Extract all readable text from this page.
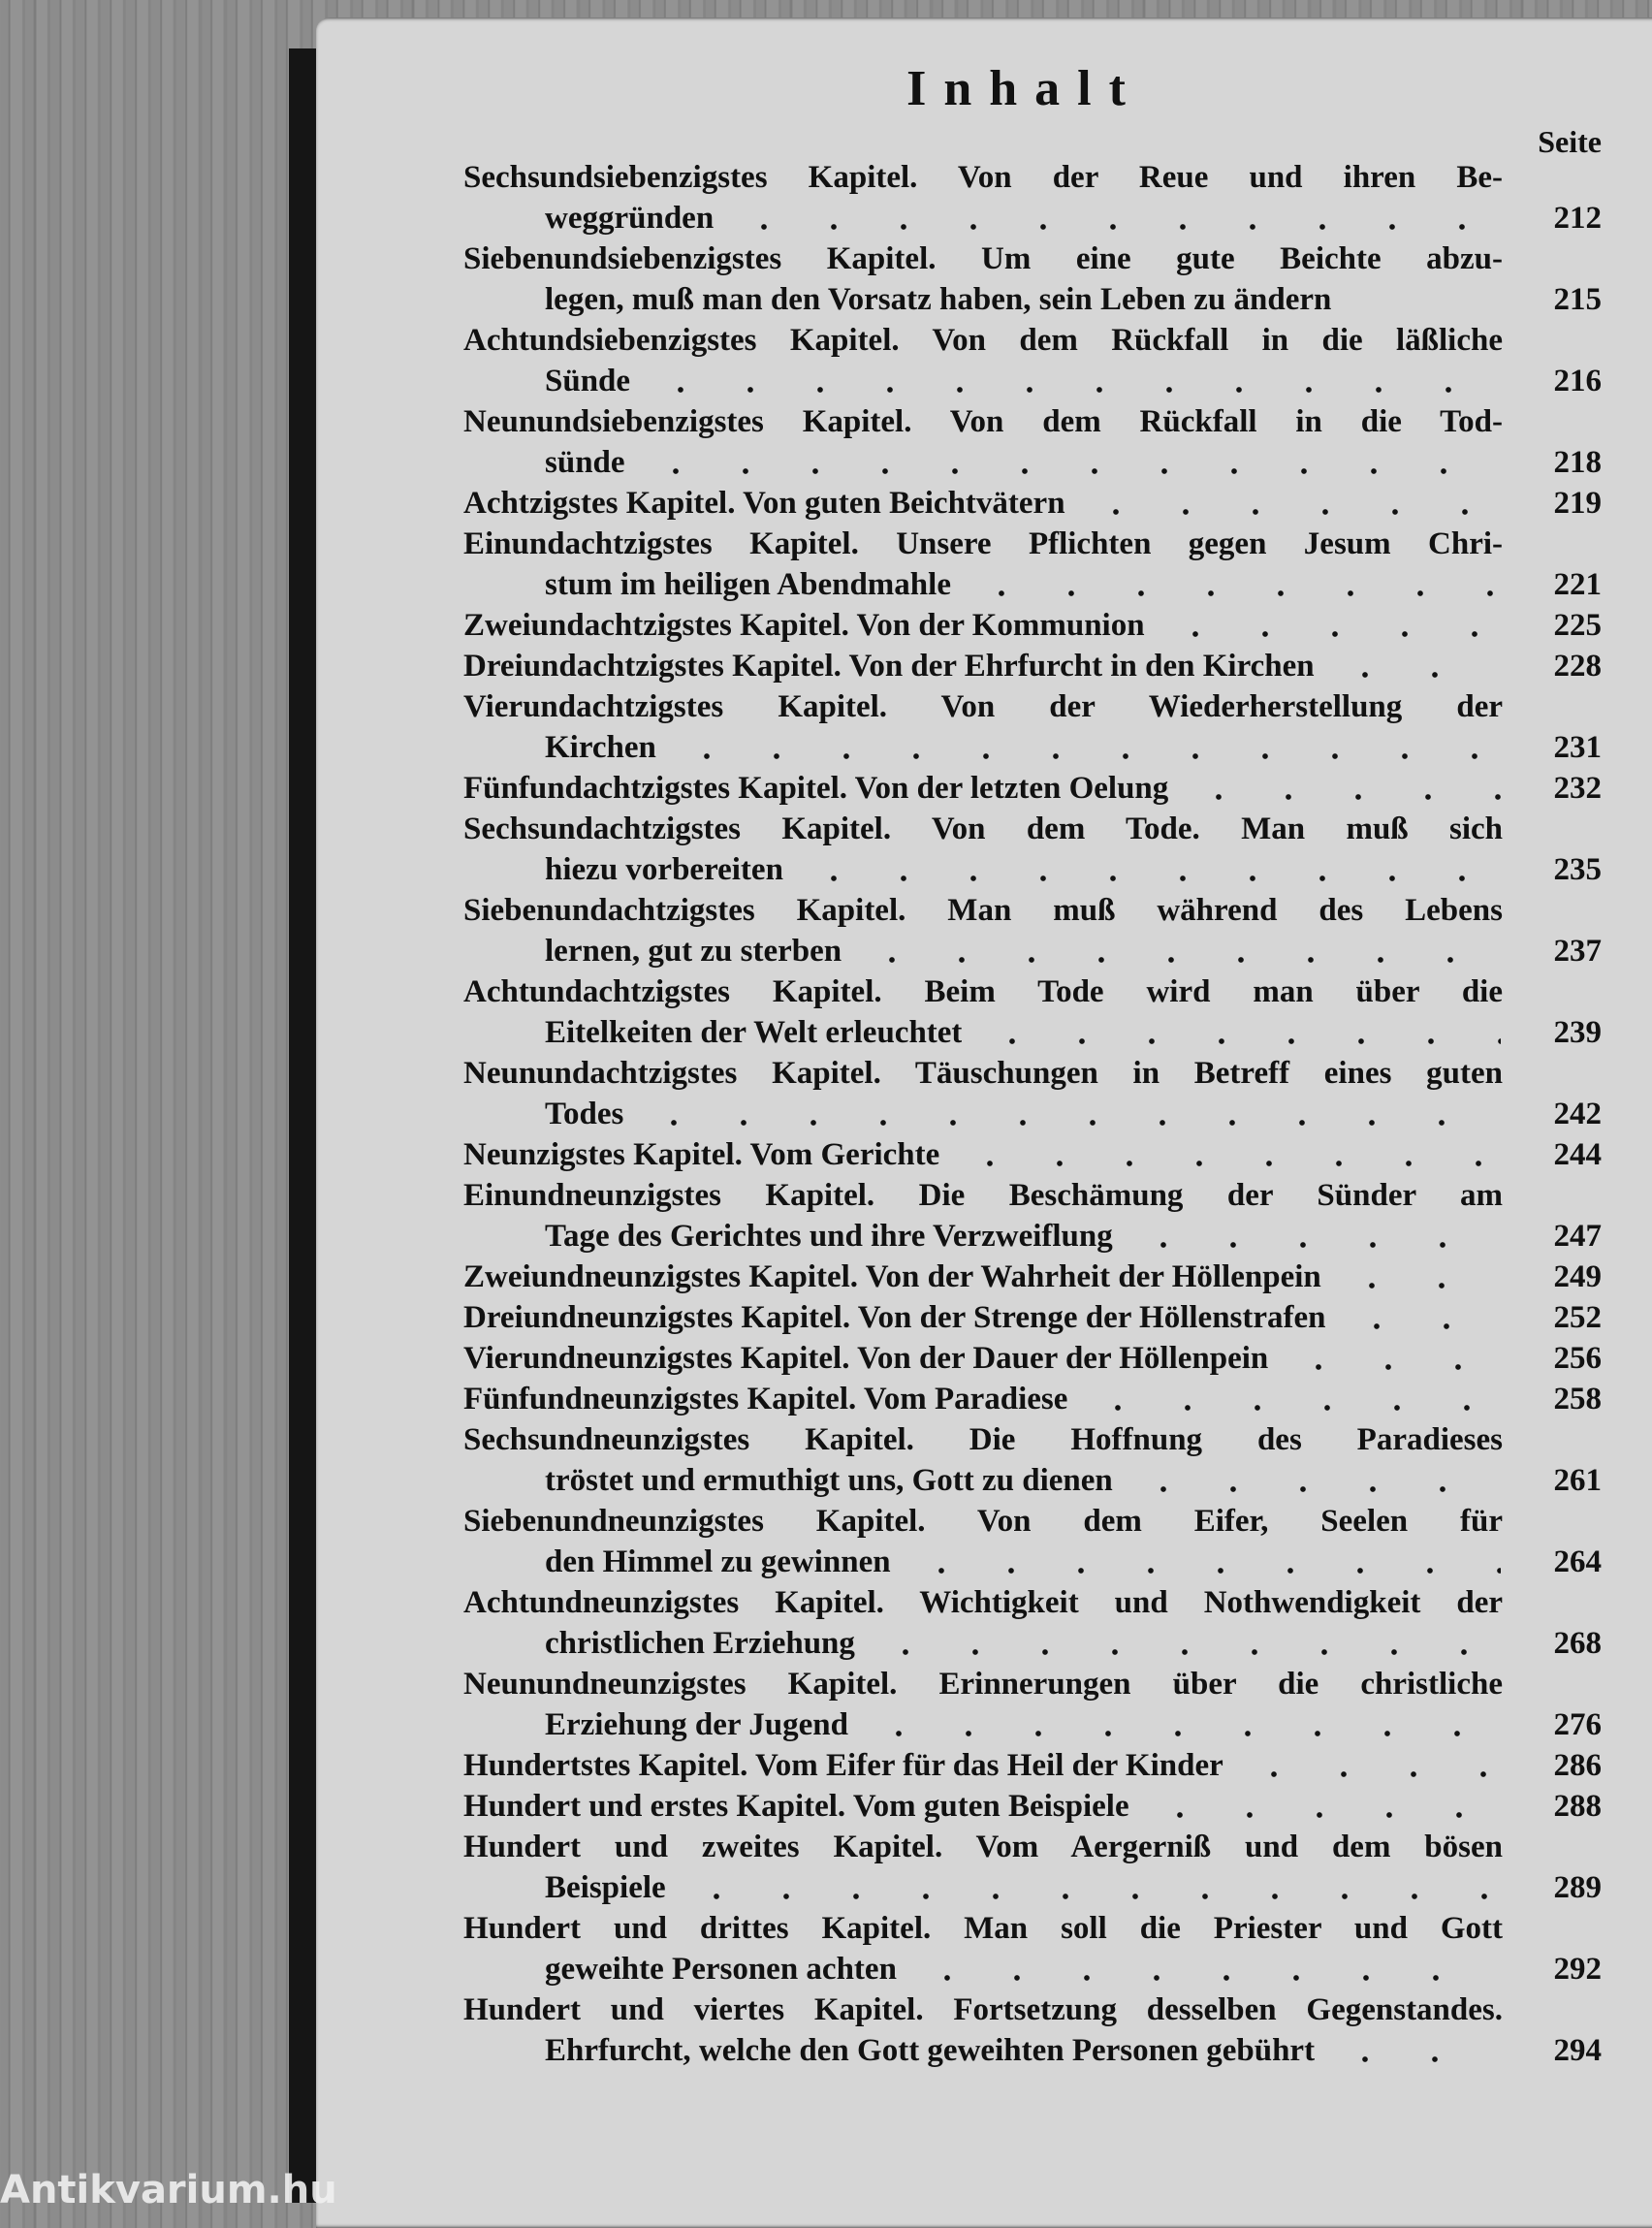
Inhalt
Seite
Sechsundsiebenzigstes Kapitel. Von der Reue und ihren Be-
weggründen	212
Siebenundsiebenzigstes Kapitel. Um eine gute Beichte abzu-
legen, muß man den Vorsatz haben, sein Leben zu ändern	215
Achtundsiebenzigstes Kapitel. Von dem Rückfall in die läßliche
Sünde	216
Neunundsiebenzigstes Kapitel. Von dem Rückfall in die Tod-
sünde	218
Achtzigstes Kapitel. Von guten Beichtvätern	219
Einundachtzigstes Kapitel. Unsere Pflichten gegen Jesum Chri-
stum im heiligen Abendmahle	221
Zweiundachtzigstes Kapitel. Von der Kommunion	225
Dreiundachtzigstes Kapitel. Von der Ehrfurcht in den Kirchen	228
Vierundachtzigstes Kapitel. Von der Wiederherstellung der
Kirchen	231
Fünfundachtzigstes Kapitel. Von der letzten Oelung	232
Sechsundachtzigstes Kapitel. Von dem Tode. Man muß sich
hiezu vorbereiten	235
Siebenundachtzigstes Kapitel. Man muß während des Lebens
lernen, gut zu sterben	237
Achtundachtzigstes Kapitel. Beim Tode wird man über die
Eitelkeiten der Welt erleuchtet	239
Neunundachtzigstes Kapitel. Täuschungen in Betreff eines guten
Todes	242
Neunzigstes Kapitel. Vom Gerichte	244
Einundneunzigstes Kapitel. Die Beschämung der Sünder am
Tage des Gerichtes und ihre Verzweiflung	247
Zweiundneunzigstes Kapitel. Von der Wahrheit der Höllenpein	249
Dreiundneunzigstes Kapitel. Von der Strenge der Höllenstrafen	252
Vierundneunzigstes Kapitel. Von der Dauer der Höllenpein	256
Fünfundneunzigstes Kapitel. Vom Paradiese	258
Sechsundneunzigstes Kapitel. Die Hoffnung des Paradieses
tröstet und ermuthigt uns, Gott zu dienen	261
Siebenundneunzigstes Kapitel. Von dem Eifer, Seelen für
den Himmel zu gewinnen	264
Achtundneunzigstes Kapitel. Wichtigkeit und Nothwendigkeit der
christlichen Erziehung	268
Neunundneunzigstes Kapitel. Erinnerungen über die christliche
Erziehung der Jugend	276
Hundertstes Kapitel. Vom Eifer für das Heil der Kinder	286
Hundert und erstes Kapitel. Vom guten Beispiele	288
Hundert und zweites Kapitel. Vom Aergerniß und dem bösen
Beispiele	289
Hundert und drittes Kapitel. Man soll die Priester und Gott
geweihte Personen achten	292
Hundert und viertes Kapitel. Fortsetzung desselben Gegenstandes.
Ehrfurcht, welche den Gott geweihten Personen gebührt	294
Antikvarium.hu
